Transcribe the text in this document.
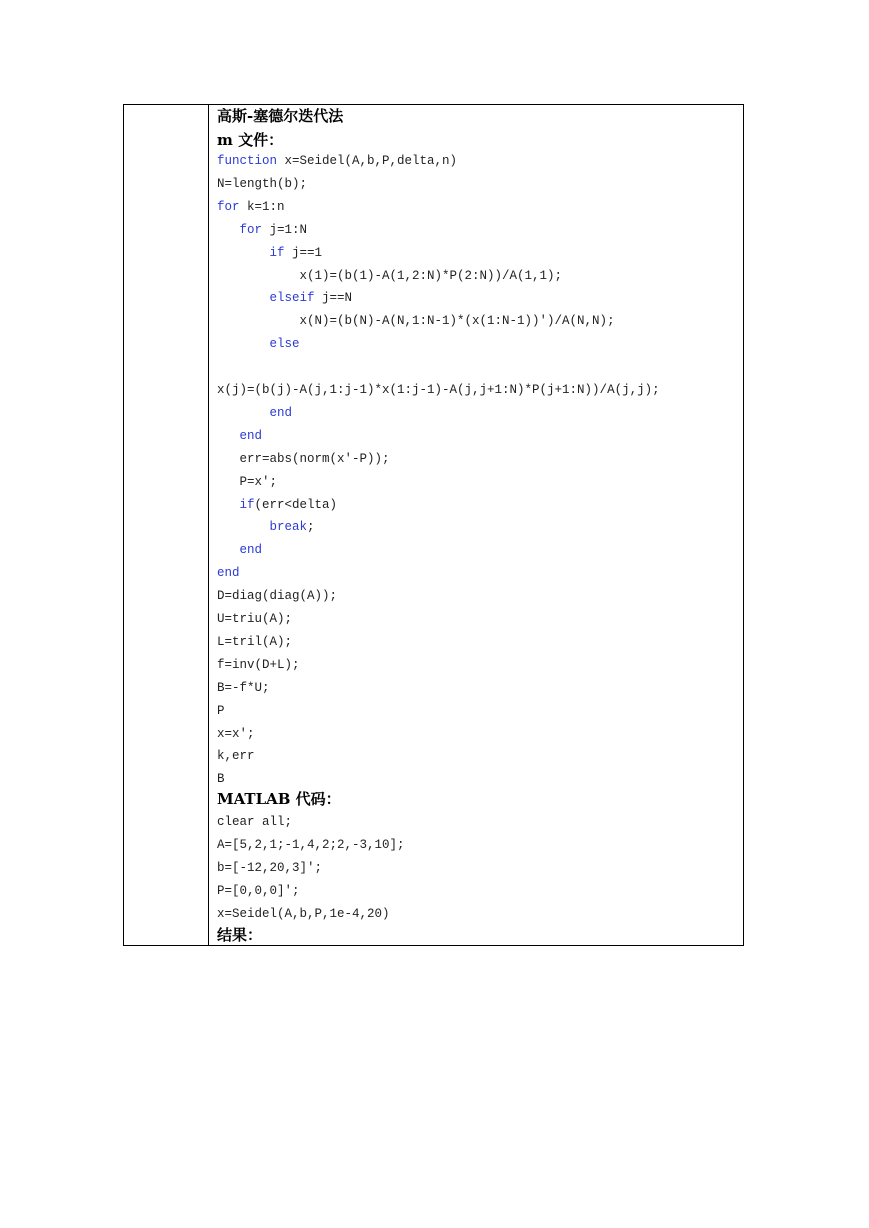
高斯-塞德尔迭代法
m 文件：
function x=Seidel(A,b,P,delta,n)
N=length(b);
for k=1:n
for j=1:N
if j==1
x(1)=(b(1)-A(1,2:N)*P(2:N))/A(1,1);
elseif j==N
x(N)=(b(N)-A(N,1:N-1)*(x(1:N-1))')/A(N,N);
else
x(j)=(b(j)-A(j,1:j-1)*x(1:j-1)-A(j,j+1:N)*P(j+1:N))/A(j,j);
end
end
err=abs(norm(x'-P));
P=x';
if(err<delta)
break;
end
end
D=diag(diag(A));
U=triu(A);
L=tril(A);
f=inv(D+L);
B=-f*U;
P
x=x';
k,err
B
MATLAB 代码：
clear all;
A=[5,2,1;-1,4,2;2,-3,10];
b=[-12,20,3]';
P=[0,0,0]';
x=Seidel(A,b,P,1e-4,20)
结果：
